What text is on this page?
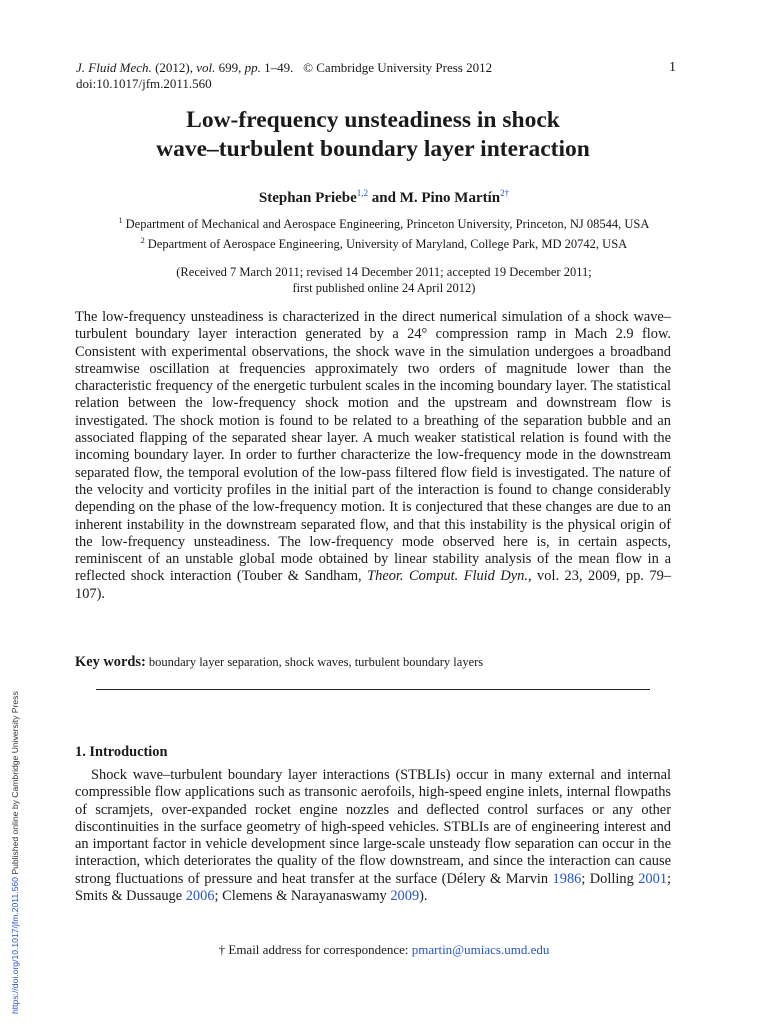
J. Fluid Mech. (2012), vol. 699, pp. 1–49. © Cambridge University Press 2012
doi:10.1017/jfm.2011.560
1
Low-frequency unsteadiness in shock
wave–turbulent boundary layer interaction
Stephan Priebe$^{1,2}$ and M. Pino Martín$^{2\dagger}$
$^1$ Department of Mechanical and Aerospace Engineering, Princeton University, Princeton, NJ 08544, USA
$^2$ Department of Aerospace Engineering, University of Maryland, College Park, MD 20742, USA
(Received 7 March 2011; revised 14 December 2011; accepted 19 December 2011;
first published online 24 April 2012)

The low-frequency unsteadiness is characterized in the direct numerical simulation of a shock wave–turbulent boundary layer interaction generated by a 24° compression ramp in Mach 2.9 flow. Consistent with experimental observations, the shock wave in the simulation undergoes a broadband streamwise oscillation at frequencies approximately two orders of magnitude lower than the characteristic frequency of the energetic turbulent scales in the incoming boundary layer. The statistical relation between the low-frequency shock motion and the upstream and downstream flow is investigated. The shock motion is found to be related to a breathing of the separation bubble and an associated flapping of the separated shear layer. A much weaker statistical relation is found with the incoming boundary layer. In order to further characterize the low-frequency mode in the downstream separated flow, the temporal evolution of the low-pass filtered flow field is investigated. The nature of the velocity and vorticity profiles in the initial part of the interaction is found to change considerably depending on the phase of the low-frequency motion. It is conjectured that these changes are due to an inherent instability in the downstream separated flow, and that this instability is the physical origin of the low-frequency unsteadiness. The low-frequency mode observed here is, in certain aspects, reminiscent of an unstable global mode obtained by linear stability analysis of the mean flow in a reflected shock interaction (Touber & Sandham, Theor. Comput. Fluid Dyn., vol. 23, 2009, pp. 79–107).

Key words: boundary layer separation, shock waves, turbulent boundary layers
1. Introduction

Shock wave–turbulent boundary layer interactions (STBLIs) occur in many external and internal compressible flow applications such as transonic aerofoils, high-speed engine inlets, internal flowpaths of scramjets, over-expanded rocket engine nozzles and deflected control surfaces or any other discontinuities in the surface geometry of high-speed vehicles. STBLIs are of engineering interest and an important factor in vehicle development since large-scale unsteady flow separation can occur in the interaction, which deteriorates the quality of the flow downstream, and since the interaction can cause strong fluctuations of pressure and heat transfer at the surface (Délery & Marvin 1986; Dolling 2001; Smits & Dussauge 2006; Clemens & Narayanaswamy 2009).

† Email address for correspondence: pmartin@umiacs.umd.edu
https://doi.org/10.1017/jfm.2011.560 Published online by Cambridge University Press
